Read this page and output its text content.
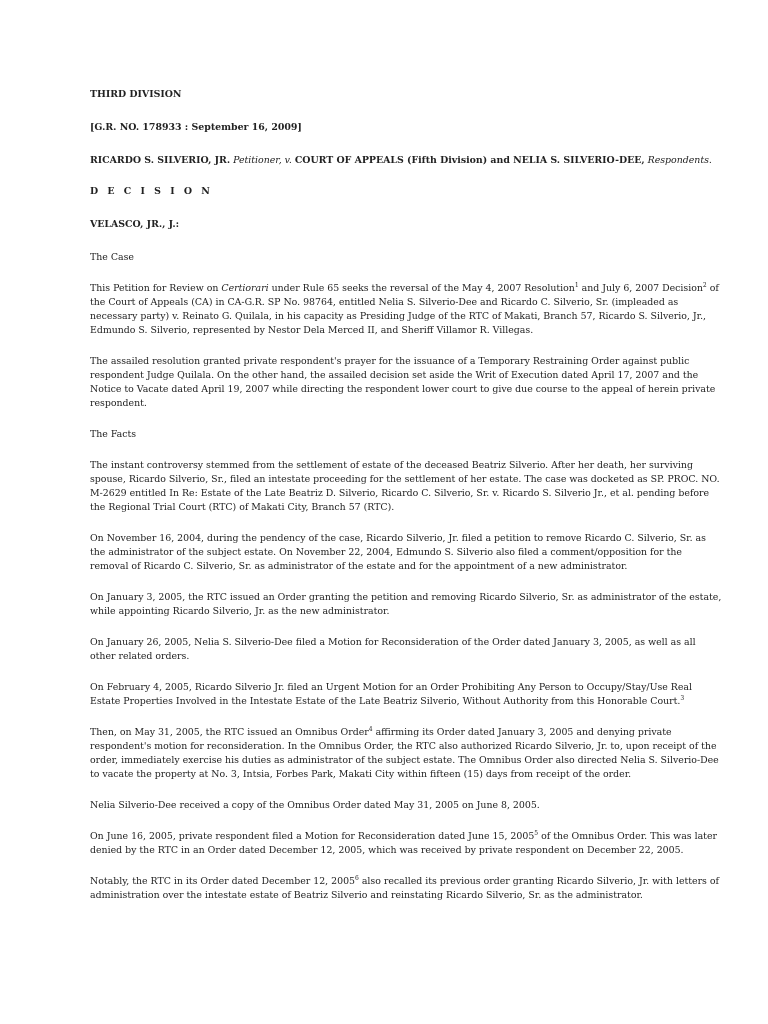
THIRD DIVISION

[G.R. NO. 178933 : September 16, 2009]

RICARDO S. SILVERIO, JR. Petitioner, v. COURT OF APPEALS (Fifth Division) and NELIA S. SILVERIO-DEE, Respondents.

D E C I S I O N

VELASCO, JR., J.:

The Case

This Petition for Review on Certiorari under Rule 65 seeks the reversal of the May 4, 2007 Resolution$^1$ and July 6, 2007 Decision$^2$ of the Court of Appeals (CA) in CA-G.R. SP No. 98764, entitled Nelia S. Silverio-Dee and Ricardo C. Silverio, Sr. (impleaded as necessary party) v. Reinato G. Quilala, in his capacity as Presiding Judge of the RTC of Makati, Branch 57, Ricardo S. Silverio, Jr., Edmundo S. Silverio, represented by Nestor Dela Merced II, and Sheriff Villamor R. Villegas.

The assailed resolution granted private respondent's prayer for the issuance of a Temporary Restraining Order against public respondent Judge Quilala. On the other hand, the assailed decision set aside the Writ of Execution dated April 17, 2007 and the Notice to Vacate dated April 19, 2007 while directing the respondent lower court to give due course to the appeal of herein private respondent.

The Facts

The instant controversy stemmed from the settlement of estate of the deceased Beatriz Silverio. After her death, her surviving spouse, Ricardo Silverio, Sr., filed an intestate proceeding for the settlement of her estate. The case was docketed as SP. PROC. NO. M-2629 entitled In Re: Estate of the Late Beatriz D. Silverio, Ricardo C. Silverio, Sr. v. Ricardo S. Silverio Jr., et al. pending before the Regional Trial Court (RTC) of Makati City, Branch 57 (RTC).

On November 16, 2004, during the pendency of the case, Ricardo Silverio, Jr. filed a petition to remove Ricardo C. Silverio, Sr. as the administrator of the subject estate. On November 22, 2004, Edmundo S. Silverio also filed a comment/opposition for the removal of Ricardo C. Silverio, Sr. as administrator of the estate and for the appointment of a new administrator.

On January 3, 2005, the RTC issued an Order granting the petition and removing Ricardo Silverio, Sr. as administrator of the estate, while appointing Ricardo Silverio, Jr. as the new administrator.

On January 26, 2005, Nelia S. Silverio-Dee filed a Motion for Reconsideration of the Order dated January 3, 2005, as well as all other related orders.

On February 4, 2005, Ricardo Silverio Jr. filed an Urgent Motion for an Order Prohibiting Any Person to Occupy/Stay/Use Real Estate Properties Involved in the Intestate Estate of the Late Beatriz Silverio, Without Authority from this Honorable Court.$^3$

Then, on May 31, 2005, the RTC issued an Omnibus Order$^4$ affirming its Order dated January 3, 2005 and denying private respondent's motion for reconsideration. In the Omnibus Order, the RTC also authorized Ricardo Silverio, Jr. to, upon receipt of the order, immediately exercise his duties as administrator of the subject estate. The Omnibus Order also directed Nelia S. Silverio-Dee to vacate the property at No. 3, Intsia, Forbes Park, Makati City within fifteen (15) days from receipt of the order.

Nelia Silverio-Dee received a copy of the Omnibus Order dated May 31, 2005 on June 8, 2005.

On June 16, 2005, private respondent filed a Motion for Reconsideration dated June 15, 2005$^5$ of the Omnibus Order. This was later denied by the RTC in an Order dated December 12, 2005, which was received by private respondent on December 22, 2005.

Notably, the RTC in its Order dated December 12, 2005$^6$ also recalled its previous order granting Ricardo Silverio, Jr. with letters of administration over the intestate estate of Beatriz Silverio and reinstating Ricardo Silverio, Sr. as the administrator.
